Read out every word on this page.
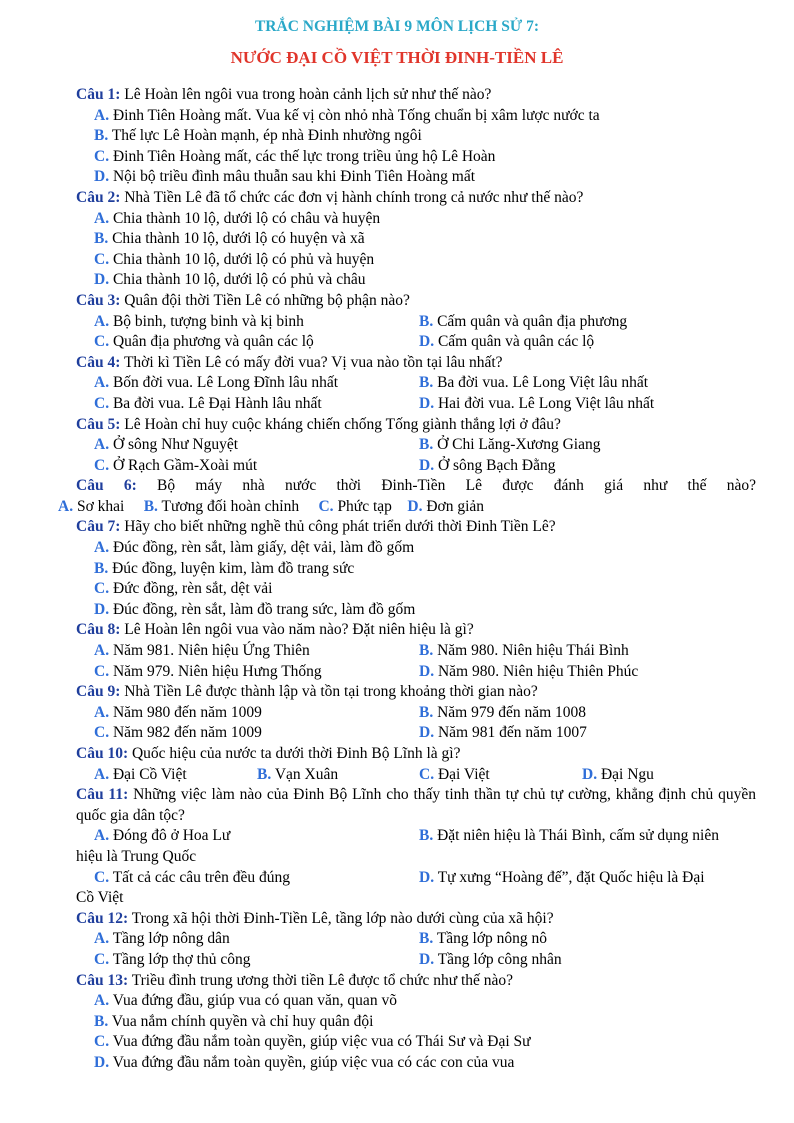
TRẮC NGHIỆM BÀI 9 MÔN LỊCH SỬ 7:
NƯỚC ĐẠI CỒ VIỆT THỜI ĐINH-TIỀN LÊ
Câu 1: Lê Hoàn lên ngôi vua trong hoàn cảnh lịch sử như thế nào?
A. Đinh Tiên Hoàng mất. Vua kế vị còn nhỏ nhà Tống chuẩn bị xâm lược nước ta
B. Thế lực Lê Hoàn mạnh, ép nhà Đinh nhường ngôi
C. Đinh Tiên Hoàng mất, các thế lực trong triều ủng hộ Lê Hoàn
D. Nội bộ triều đình mâu thuẫn sau khi Đinh Tiên Hoàng mất
Câu 2: Nhà Tiền Lê đã tổ chức các đơn vị hành chính trong cả nước như thế nào?
A. Chia thành 10 lộ, dưới lộ có châu và huyện
B. Chia thành 10 lộ, dưới lộ có huyện và xã
C. Chia thành 10 lộ, dưới lộ có phủ và huyện
D. Chia thành 10 lộ, dưới lộ có phủ và châu
Câu 3: Quân đội thời Tiền Lê có những bộ phận nào?
A. Bộ binh, tượng binh và kị binh	B. Cấm quân và quân địa phương
C. Quân địa phương và quân các lộ	D. Cấm quân và quân các lộ
Câu 4: Thời kì Tiền Lê có mấy đời vua? Vị vua nào tồn tại lâu nhất?
A. Bốn đời vua. Lê Long Đĩnh lâu nhất	B. Ba đời vua. Lê Long Việt lâu nhất
C. Ba đời vua. Lê Đại Hành lâu nhất	D. Hai đời vua. Lê Long Việt lâu nhất
Câu 5: Lê Hoàn chỉ huy cuộc kháng chiến chống Tống giành thắng lợi ở đâu?
A. Ở sông Như Nguyệt	B. Ở Chi Lăng-Xương Giang
C. Ở Rạch Gầm-Xoài mút	D. Ở sông Bạch Đằng
Câu 6: Bộ máy nhà nước thời Đinh-Tiền Lê được đánh giá như thế nào?
A. Sơ khai B. Tương đối hoàn chỉnh C. Phức tạp D. Đơn giản
Câu 7: Hãy cho biết những nghề thủ công phát triển dưới thời Đinh Tiền Lê?
A. Đúc đồng, rèn sắt, làm giấy, dệt vải, làm đồ gốm
B. Đúc đồng, luyện kim, làm đồ trang sức
C. Đức đồng, rèn sắt, dệt vải
D. Đúc đồng, rèn sắt, làm đồ trang sức, làm đồ gốm
Câu 8: Lê Hoàn lên ngôi vua vào năm nào? Đặt niên hiệu là gì?
A. Năm 981. Niên hiệu Ứng Thiên	B. Năm 980. Niên hiệu Thái Bình
C. Năm 979. Niên hiệu Hưng Thống	D. Năm 980. Niên hiệu Thiên Phúc
Câu 9: Nhà Tiền Lê được thành lập và tồn tại trong khoảng thời gian nào?
A. Năm 980 đến năm 1009	B. Năm 979 đến năm 1008
C. Năm 982 đến năm 1009	D. Năm 981 đến năm 1007
Câu 10: Quốc hiệu của nước ta dưới thời Đinh Bộ Lĩnh là gì?
A. Đại Cồ Việt	B. Vạn Xuân	C. Đại Việt	D. Đại Ngu
Câu 11: Những việc làm nào của Đinh Bộ Lĩnh cho thấy tinh thần tự chủ tự cường, khẳng định chủ quyền quốc gia dân tộc?
A. Đóng đô ở Hoa Lư	B. Đặt niên hiệu là Thái Bình, cấm sử dụng niên
hiệu là Trung Quốc
C. Tất cả các câu trên đều đúng	D. Tự xưng “Hoàng đế”, đặt Quốc hiệu là Đại
Cồ Việt
Câu 12: Trong xã hội thời Đinh-Tiền Lê, tầng lớp nào dưới cùng của xã hội?
A. Tầng lớp nông dân	B. Tầng lớp nông nô
C. Tầng lớp thợ thủ công	D. Tầng lớp công nhân
Câu 13: Triều đình trung ương thời tiền Lê được tổ chức như thế nào?
A. Vua đứng đầu, giúp vua có quan văn, quan võ
B. Vua nắm chính quyền và chỉ huy quân đội
C. Vua đứng đầu nắm toàn quyền, giúp việc vua có Thái Sư và Đại Sư
D. Vua đứng đầu nắm toàn quyền, giúp việc vua có các con của vua
